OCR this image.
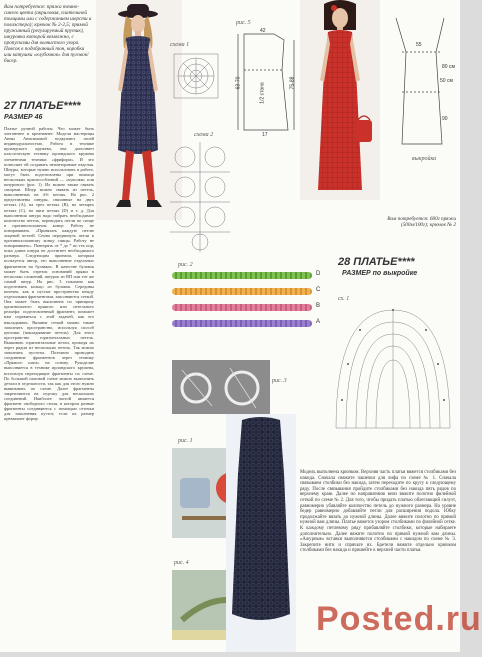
Вам потребуется: пряжа темно-синего цвета (акриловая, плательной толщины или с содержанием шерсти и полиэстера); крючок № 2-2,5; прямой пружинный (регулируемый прутик), шнуровка которой возможно, с пропусками для волнистого узора. Поясок в подобранный тон, коробка или катушки «клубочков» для пуговок/бисер.
27 ПЛАТЬЕ****
РАЗМЕР 46
Платье ручной работы. Что может быть элегантнее и креативнее. Модели мастерицы Анны Анисимовой подкупают своей индивидуальностью. Работа в технике ирландского кружева, она дополняет классическую технику ирландского кружева элементами техники «фриформ». И это позволяет ей создавать неповторимые изделия. Шнуры, которые нужно использовать в работе, могут быть подготовлены при помощи нескольких приспособлений — «куколки» или шнурового (рис. 1). Их можно также связать спицами. Шнур можно связать из петель, выполненных на 4-6 петлях. На рис. 2 представлены шнуры, связанные на двух петлях (A), на трех петлях (B), на четырех петлях (C), на пяти петлях (D) и т. д. Для выполнения шнура надо набрать необходимое количество петель, переводить петли по спице в противоположном конце. Работу не поворачивать. «Провязать каждую петлю лицевой петлей. Снова передвинуть петли к противоположному концу спицы. Работу не поворачивать». Повторять от * до * по тех пор, пока длина шнура не достигнет необходимого размера. Следующим приемом, которым пользуется автор, это выполнение отдельных фрагментов на булавках. В качестве булавок может быть отрезок оснований пряжи в несколько сложений, шнурок из ВП или тот же самый шнур. На рис. 3 показано как подготовить кольцо из булавок. Середины колечек, как и пустые пространства между отдельными фрагментами, заполняются сеткой. Она может быть выполнена по принципу произвольного прямого или петельного рельефа: подготовленный фрагмент, поможет нам справиться с этой задачей, как его накладывать. Вязание сеткой можно также заполнять пространство, используя способ цепочки (накладывание петель). Для этого пространство горизонтальных петель. Вышивать горизонтальные петли, проводя их через рядом из нескольких петель. Так можно заполнить пустоты. Поэтапно проводить соединение фрагментов через технику «Прямого шага» на основу. Рукоделие выполняется в технике ирландского кружева, используя переходящие фрагменты по схеме. По большой шаговой схеме можно выполнить детали в отдельности, так как для этого нужно вывязывать по схеме. Далее фрагменты закрепляются на отделку для нескольких соединений. Наиболее частой является фрагмент свободного стиля, в котором разные фрагменты соединяются с помощью сеточки для заполнения пустот, если их размер превышает форму.
схема 1
схема 2
рис. 5
42
63-70	75-88
17
1/2 стана
55
80 см
50 см
90
выкройка
Вам потребуется: 600г пряжи (500м/100г); крючок № 2
28 ПЛАТЬЕ****
РАЗМЕР по выкройке
рис. 2
D
C
B
A
рис. 3
сх. 1
рис. 1
рис. 4
Модель выполнена крючком. Верхняя часть платья вяжется столбиками без накида. Сначала свяжите чашечки для лифа по схеме № 1. Сначала связываем столбики без накида, затем переходите по кругу к следующему ряду. После связывания пройдите столбиками без накида пять рядов по верхнему краю. Далее по направлению вниз вяжите полотно филейной сеткой по схеме № 2. Для того, чтобы придать платью облегающий силуэт, равномерно убавляйте количество петель до нужного размера. На уровне бедер равномерно добавляйте петли для расширения подола. Юбку продолжайте вязать до нужной длины. Далее вяжите полотно по прямой нужной вам длины. Платье вяжется узором столбиками по филейной сетке. К каждому петлевому ряду прибавляйте столбики, которые набираете дополнительно. Далее вяжите полотно по прямой нужной вам длины. «Ажурные» вставки выполняются столбиками с накидом по схеме № 3. Закрепите нити и спрячьте их. Бретели вяжите отдельно крючком столбиками без накида и пришейте к верхней части платья.
Posted.ru
